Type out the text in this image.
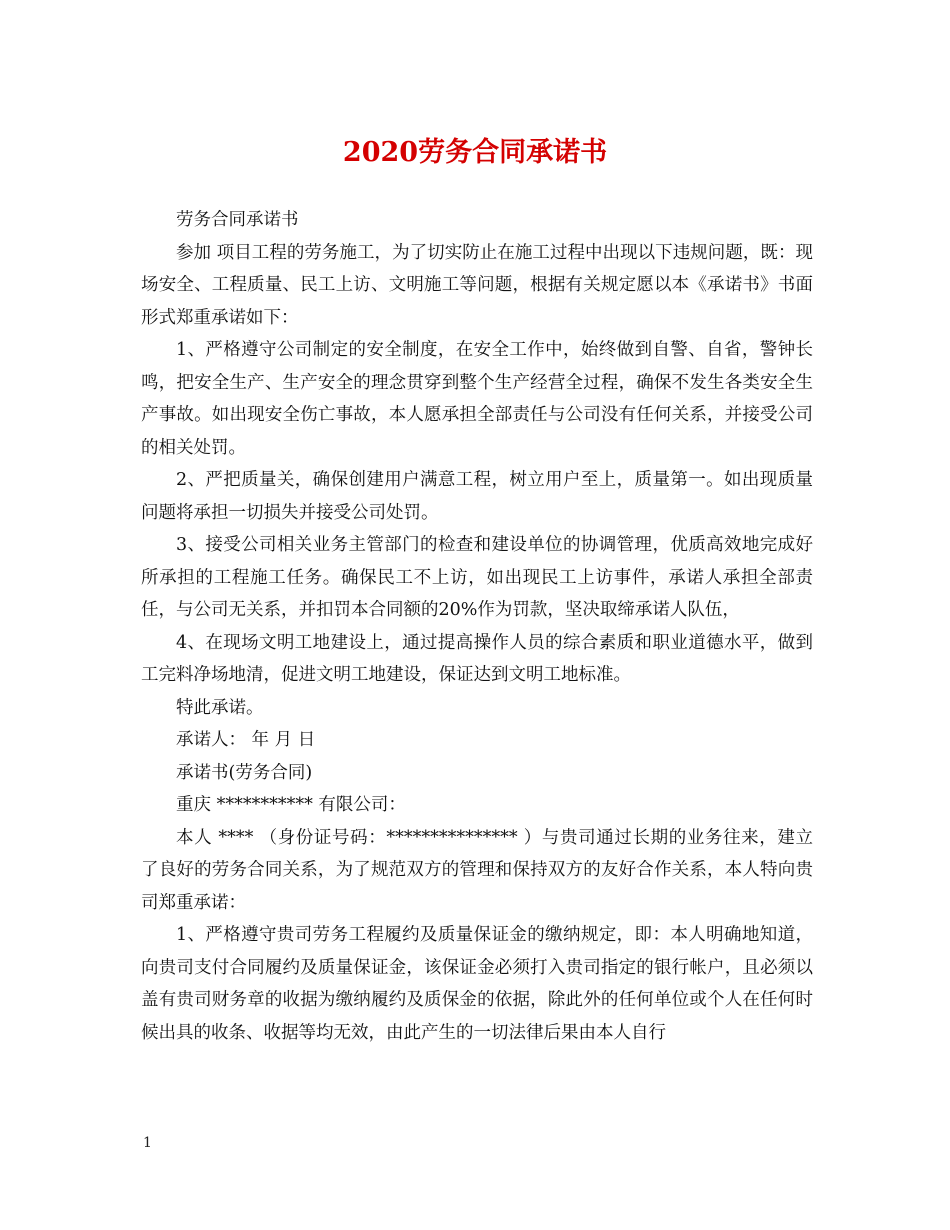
2020劳务合同承诺书

劳务合同承诺书

参加 项目工程的劳务施工，为了切实防止在施工过程中出现以下违规问题，既：现场安全、工程质量、民工上访、文明施工等问题，根据有关规定愿以本《承诺书》书面形式郑重承诺如下：

1、严格遵守公司制定的安全制度，在安全工作中，始终做到自警、自省，警钟长鸣，把安全生产、生产安全的理念贯穿到整个生产经营全过程，确保不发生各类安全生产事故。如出现安全伤亡事故，本人愿承担全部责任与公司没有任何关系，并接受公司的相关处罚。

2、严把质量关，确保创建用户满意工程，树立用户至上，质量第一。如出现质量问题将承担一切损失并接受公司处罚。

3、接受公司相关业务主管部门的检查和建设单位的协调管理，优质高效地完成好所承担的工程施工任务。确保民工不上访，如出现民工上访事件，承诺人承担全部责任，与公司无关系，并扣罚本合同额的20%作为罚款，坚决取缔承诺人队伍，

4、在现场文明工地建设上，通过提高操作人员的综合素质和职业道德水平，做到工完料净场地清，促进文明工地建设，保证达到文明工地标准。

特此承诺。

承诺人： 年 月 日

承诺书(劳务合同)

重庆 *********** 有限公司：

本人 **** （身份证号码：*************** ）与贵司通过长期的业务往来，建立了良好的劳务合同关系，为了规范双方的管理和保持双方的友好合作关系，本人特向贵司郑重承诺：

1、严格遵守贵司劳务工程履约及质量保证金的缴纳规定，即：本人明确地知道，向贵司支付合同履约及质量保证金，该保证金必须打入贵司指定的银行帐户，且必须以盖有贵司财务章的收据为缴纳履约及质保金的依据，除此外的任何单位或个人在任何时候出具的收条、收据等均无效，由此产生的一切法律后果由本人自行

1
